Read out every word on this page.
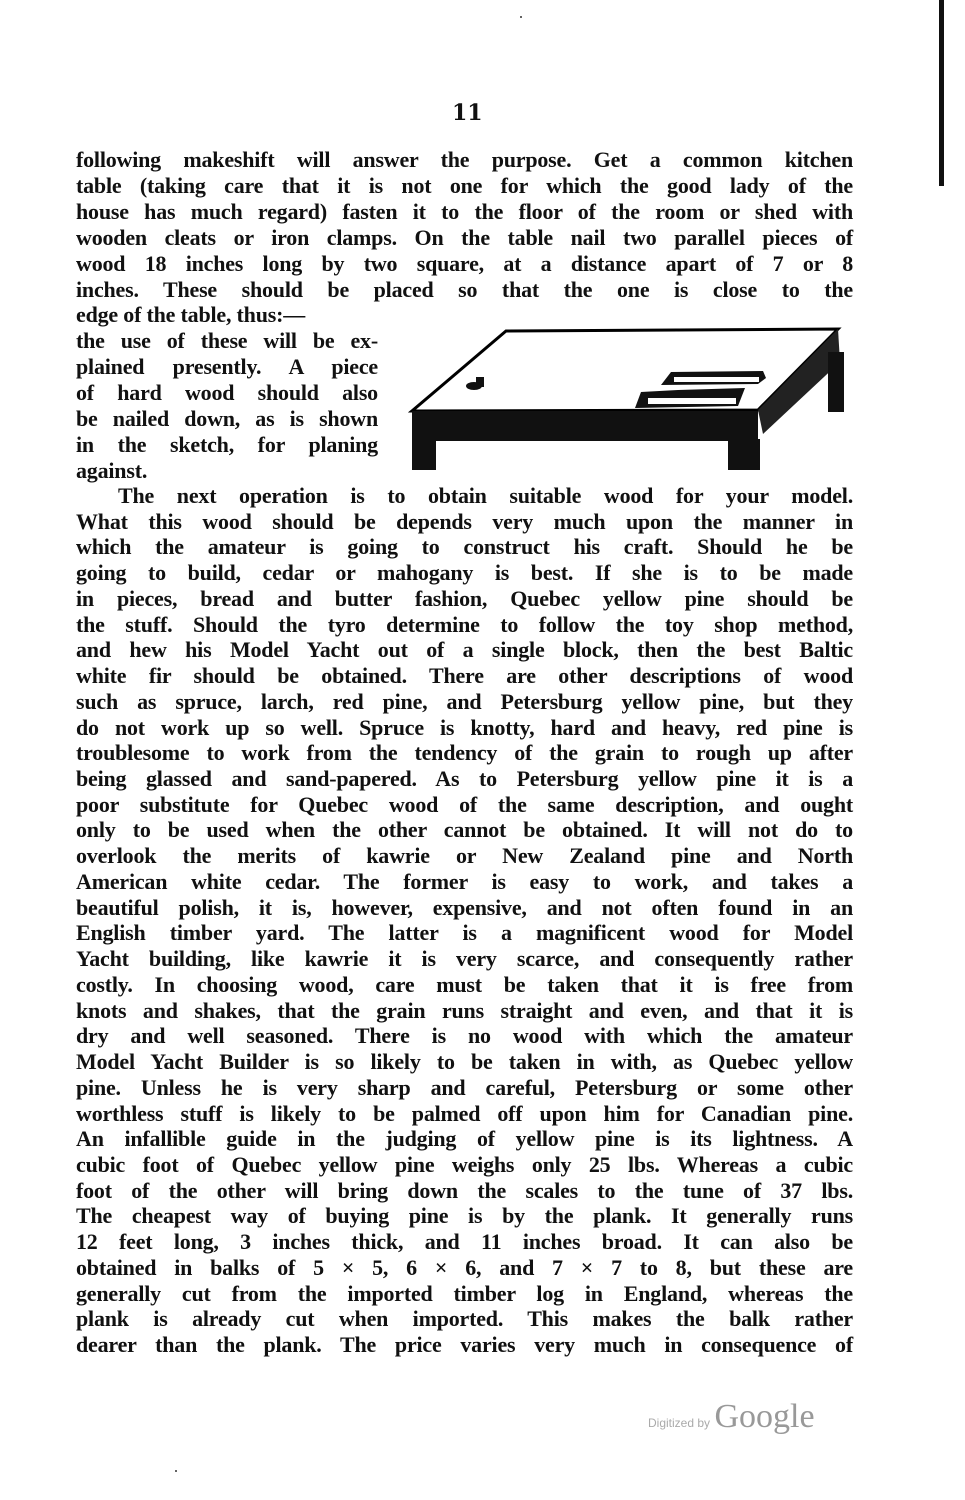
11
following makeshift will answer the purpose. Get a common kitchen
table (taking care that it is not one for which the good lady of the
house has much regard) fasten it to the floor of the room or shed with
wooden cleats or iron clamps. On the table nail two parallel pieces of
wood 18 inches long by two square, at a distance apart of 7 or 8
inches. These should be placed so that the one is close to the
edge of the table, thus:—
the use of these will be ex-
plained presently. A piece
of hard wood should also
be nailed down, as is shown
in the sketch, for planing
against.
The next operation is to obtain suitable wood for your model.
What this wood should be depends very much upon the manner in
which the amateur is going to construct his craft. Should he be
going to build, cedar or mahogany is best. If she is to be made
in pieces, bread and butter fashion, Quebec yellow pine should be
the stuff. Should the tyro determine to follow the toy shop method,
and hew his Model Yacht out of a single block, then the best Baltic
white fir should be obtained. There are other descriptions of wood
such as spruce, larch, red pine, and Petersburg yellow pine, but they
do not work up so well. Spruce is knotty, hard and heavy, red pine is
troublesome to work from the tendency of the grain to rough up after
being glassed and sand-papered. As to Petersburg yellow pine it is a
poor substitute for Quebec wood of the same description, and ought
only to be used when the other cannot be obtained. It will not do to
overlook the merits of kawrie or New Zealand pine and North
American white cedar. The former is easy to work, and takes a
beautiful polish, it is, however, expensive, and not often found in an
English timber yard. The latter is a magnificent wood for Model
Yacht building, like kawrie it is very scarce, and consequently rather
costly. In choosing wood, care must be taken that it is free from
knots and shakes, that the grain runs straight and even, and that it is
dry and well seasoned. There is no wood with which the amateur
Model Yacht Builder is so likely to be taken in with, as Quebec yellow
pine. Unless he is very sharp and careful, Petersburg or some other
worthless stuff is likely to be palmed off upon him for Canadian pine.
An infallible guide in the judging of yellow pine is its lightness. A
cubic foot of Quebec yellow pine weighs only 25 lbs. Whereas a cubic
foot of the other will bring down the scales to the tune of 37 lbs.
The cheapest way of buying pine is by the plank. It generally runs
12 feet long, 3 inches thick, and 11 inches broad. It can also be
obtained in balks of 5 × 5, 6 × 6, and 7 × 7 to 8, but these are
generally cut from the imported timber log in England, whereas the
plank is already cut when imported. This makes the balk rather
dearer than the plank. The price varies very much in consequence of
Digitized by Google
